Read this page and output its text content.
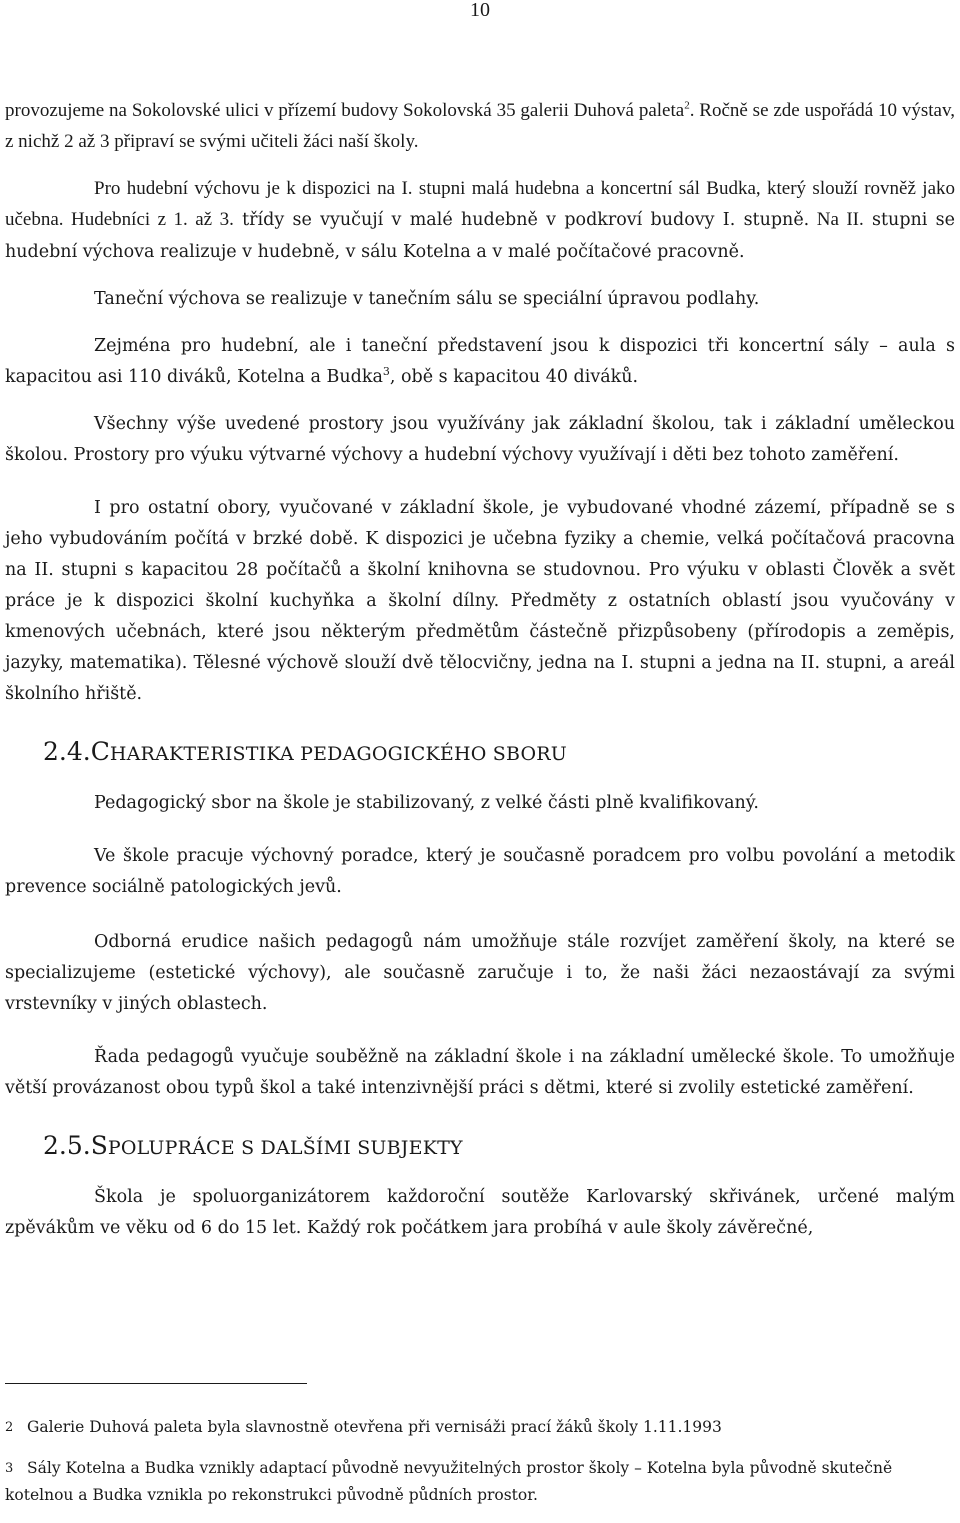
10

provozujeme na Sokolovské ulici v přízemí budovy Sokolovská 35 galerii Duhová paleta$^2$. Ročně se zde uspořádá 10 výstav, z nichž 2 až 3 připraví se svými učiteli žáci naší školy.

Pro hudební výchovu je k dispozici na I. stupni malá hudebna a koncertní sál Budka, který slouží rovněž jako učebna. Hudebníci z 1. až 3. třídy se vyučují v malé hudebně v podkroví budovy I. stupně. Na II. stupni se hudební výchova realizuje v hudebně, v sálu Kotelna a v malé počítačové pracovně.

Taneční výchova se realizuje v tanečním sálu se speciální úpravou podlahy.

Zejména pro hudební, ale i taneční představení jsou k dispozici tři koncertní sály – aula s kapacitou asi 110 diváků, Kotelna a Budka$^3$, obě s kapacitou 40 diváků.

Všechny výše uvedené prostory jsou využívány jak základní školou, tak i základní uměleckou školou. Prostory pro výuku výtvarné výchovy a hudební výchovy využívají i děti bez tohoto zaměření.

I pro ostatní obory, vyučované v základní škole, je vybudované vhodné zázemí, případně se s jeho vybudováním počítá v brzké době. K dispozici je učebna fyziky a chemie, velká počítačová pracovna na II. stupni s kapacitou 28 počítačů a školní knihovna se studovnou. Pro výuku v oblasti Člověk a svět práce je k dispozici školní kuchyňka a školní dílny. Předměty z ostatních oblastí jsou vyučovány v kmenových učebnách, které jsou některým předmětům částečně přizpůsobeny (přírodopis a zeměpis, jazyky, matematika). Tělesné výchově slouží dvě tělocvičny, jedna na I. stupni a jedna na II. stupni, a areál školního hřiště.

2.4.CHARAKTERISTIKA PEDAGOGICKÉHO SBORU

Pedagogický sbor na škole je stabilizovaný, z velké části plně kvalifikovaný.

Ve škole pracuje výchovný poradce, který je současně poradcem pro volbu povolání a metodik prevence sociálně patologických jevů.

Odborná erudice našich pedagogů nám umožňuje stále rozvíjet zaměření školy, na které se specializujeme (estetické výchovy), ale současně zaručuje i to, že naši žáci nezaostávají za svými vrstevníky v jiných oblastech.

Řada pedagogů vyučuje souběžně na základní škole i na základní umělecké škole. To umožňuje větší provázanost obou typů škol a také intenzivnější práci s dětmi, které si zvolily estetické zaměření.

2.5.SPOLUPRÁCE S DALŠÍMI SUBJEKTY

Škola je spoluorganizátorem každoroční soutěže Karlovarský skřivánek, určené malým zpěvákům ve věku od 6 do 15 let. Každý rok počátkem jara probíhá v aule školy závěrečné,

2 Galerie Duhová paleta byla slavnostně otevřena při vernisáži prací žáků školy 1.11.1993
3 Sály Kotelna a Budka vznikly adaptací původně nevyužitelných prostor školy – Kotelna byla původně skutečně kotelnou a Budka vznikla po rekonstrukci původně půdních prostor.
